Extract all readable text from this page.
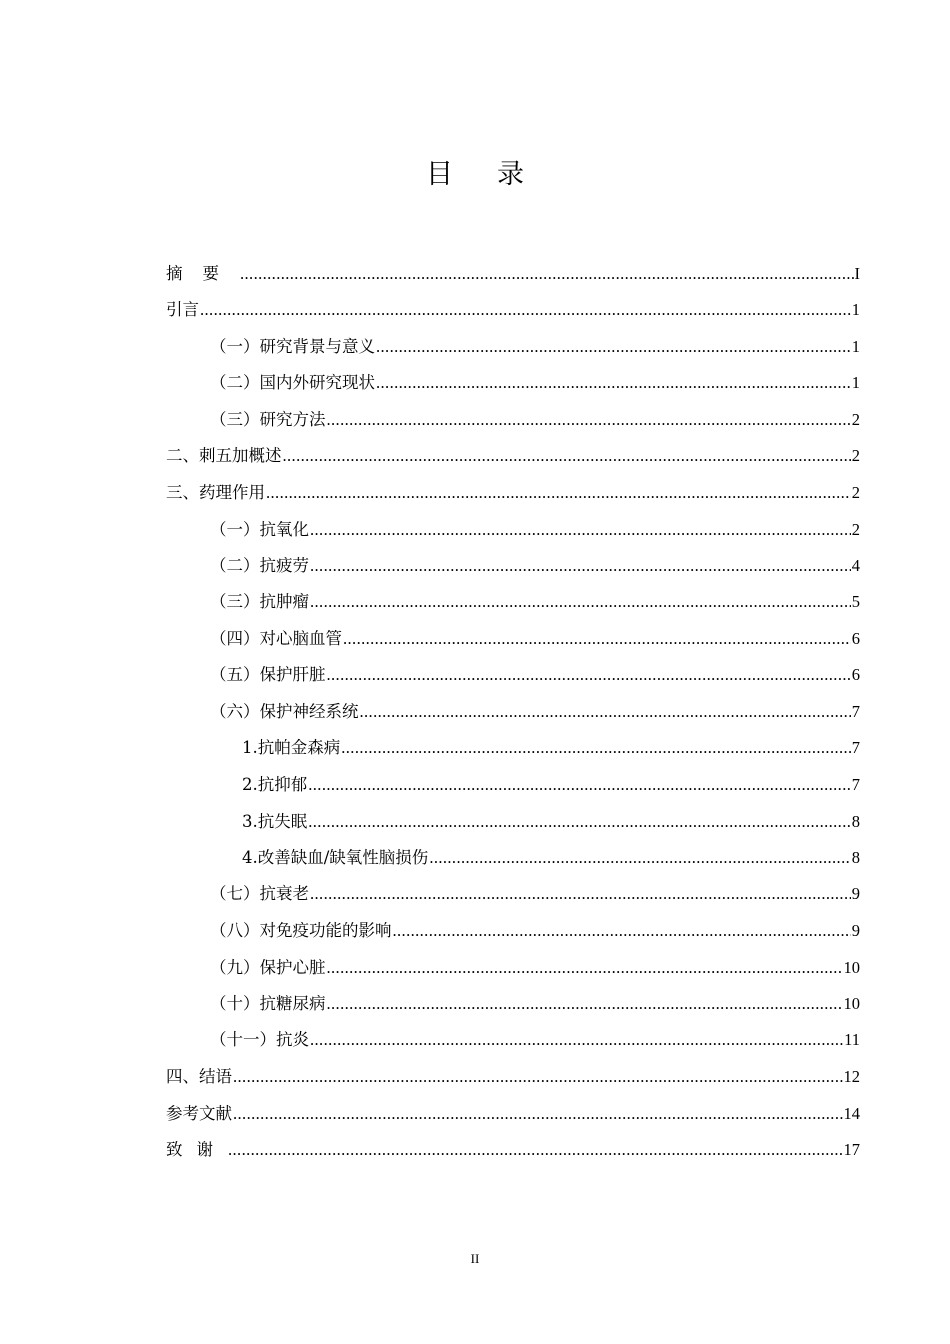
目 录
摘要 .....	I
引言 .....	1
（一） 研究背景与意义 .....	1
（二） 国内外研究现状 .....	1
（三） 研究方法 .....	2
二、 刺五加概述 .....	2
三、 药理作用 .....	2
（一） 抗氧化 .....	2
（二） 抗疲劳 .....	4
（三） 抗肿瘤 .....	5
（四） 对心脑血管 .....	6
（五） 保护肝脏 .....	6
（六） 保护神经系统 .....	7
1. 抗帕金森病 .....	7
2. 抗抑郁 .....	7
3. 抗失眠 .....	8
4. 改善缺血/缺氧性脑损伤 .....	8
（七） 抗衰老 .....	9
（八） 对免疫功能的影响 .....	9
（九） 保护心脏 .....	10
（十） 抗糖尿病 .....	10
（十一） 抗炎 .....	11
四、 结语 .....	12
参考文献 .....	14
致谢 .....	17
II
